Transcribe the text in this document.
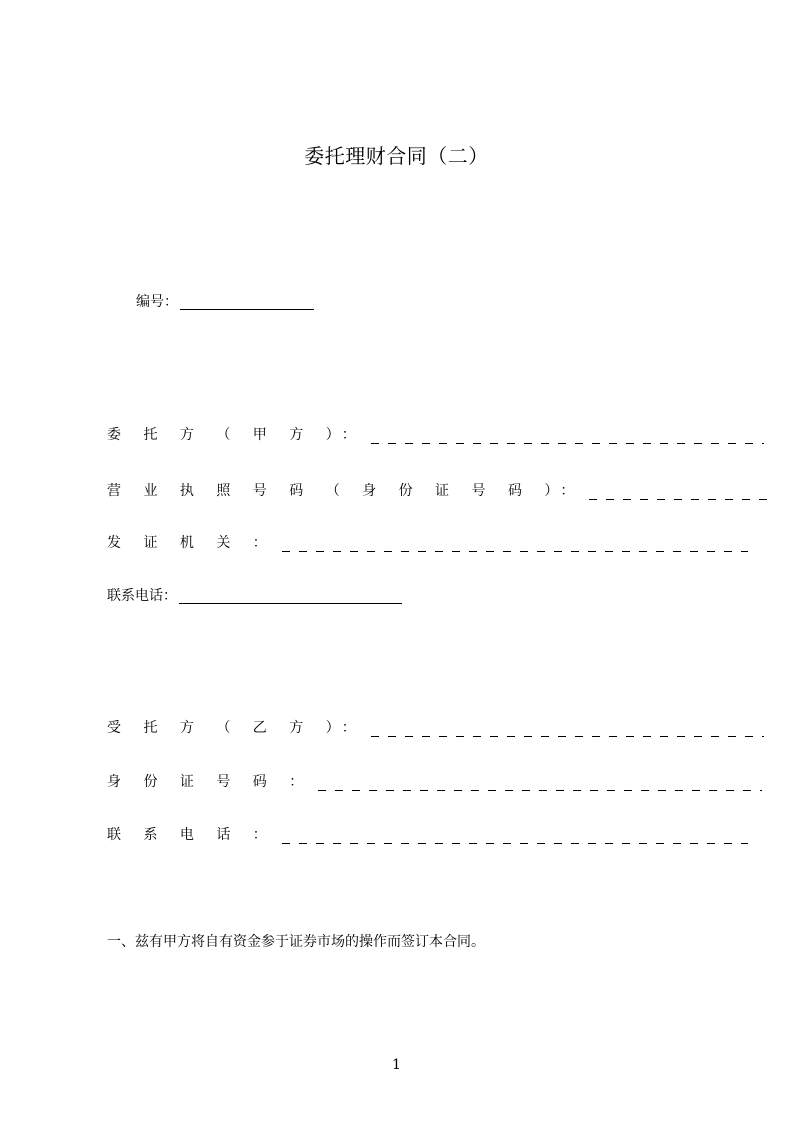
委托理财合同（二）
编号：
委 托 方 （ 甲 方 ）：
营 业 执 照 号 码 （ 身 份 证 号 码 ）：
发 证 机 关 ：
联系电话：
受 托 方 （ 乙 方 ）：
身 份 证 号 码 ：
联 系 电 话 ：
一、兹有甲方将自有资金参于证券市场的操作而签订本合同。
1
